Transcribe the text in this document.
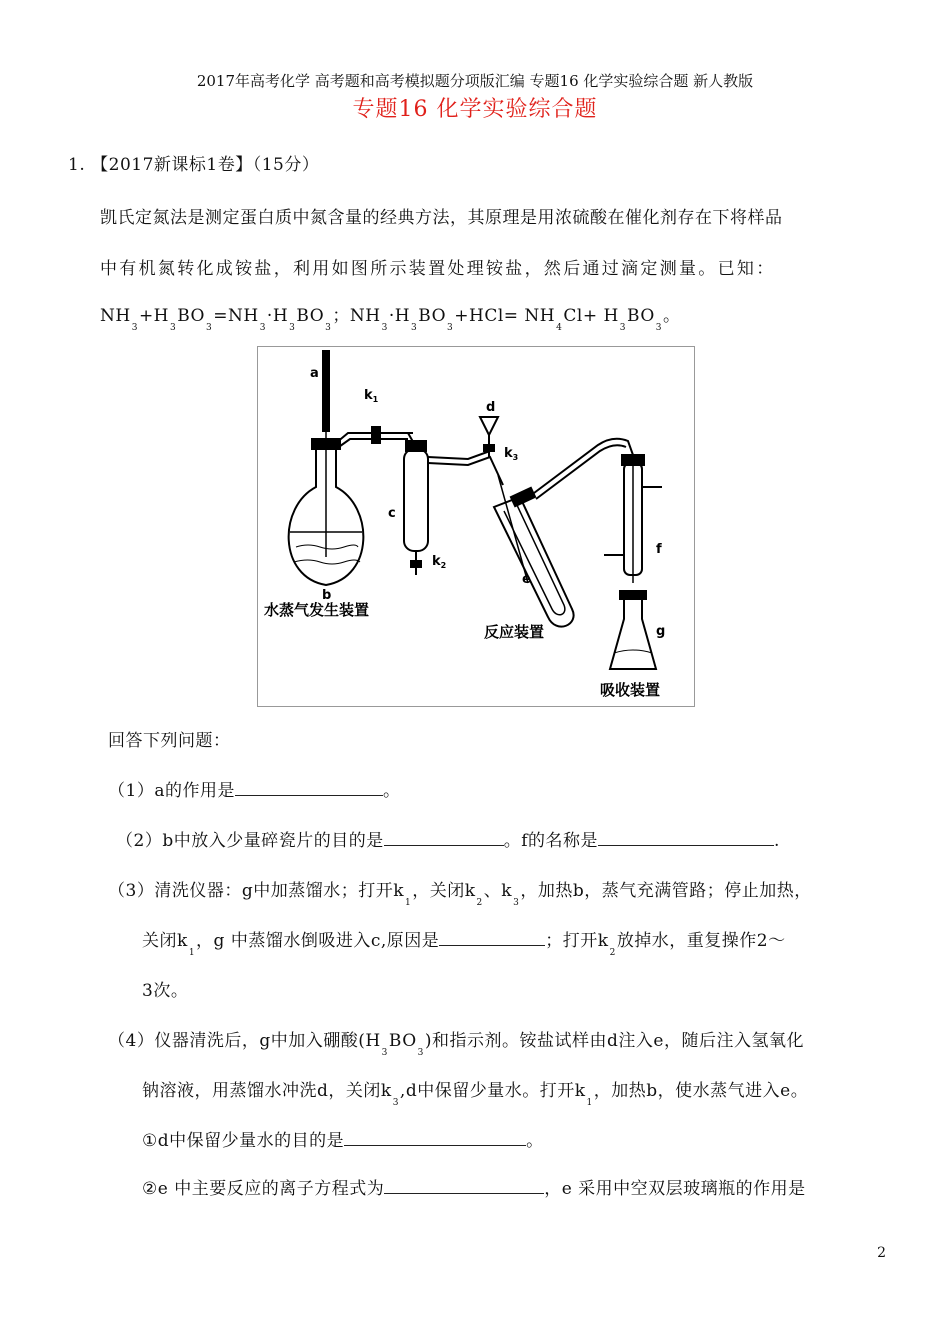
2017年高考化学 高考题和高考模拟题分项版汇编 专题16 化学实验综合题 新人教版
专题16 化学实验综合题
1. 【2017新课标1卷】（15分）
凯氏定氮法是测定蛋白质中氮含量的经典方法，其原理是用浓硫酸在催化剂存在下将样品
中有机氮转化成铵盐，利用如图所示装置处理铵盐，然后通过滴定测量。已知：
$NH_3+H_3BO_3=NH_3\cdot H_3BO_3$；$NH_3\cdot H_3BO_3+HCl= NH_4Cl+ H_3BO_3$。
a
$k_1$
d
$k_3$
b
c
$k_2$
e
f
g
水蒸气发生装置
反应装置
吸收装置
回答下列问题：
（1）a的作用是	。
（2）b中放入少量碎瓷片的目的是	。f的名称是	.
（3）清洗仪器：g中加蒸馏水；打开$k_1$，关闭$k_2$、$k_3$，加热b，蒸气充满管路；停止加热，
关闭$k_1$，g 中蒸馏水倒吸进入c,原因是	；打开$k_2$放掉水，重复操作2～
3次。
（4）仪器清洗后，g中加入硼酸$(H_3BO_3)$和指示剂。铵盐试样由d注入e，随后注入氢氧化
钠溶液，用蒸馏水冲洗d，关闭$k_3,d$中保留少量水。打开$k_1$，加热b，使水蒸气进入e。
①d中保留少量水的目的是	。
②e 中主要反应的离子方程式为	，e 采用中空双层玻璃瓶的作用是
2
